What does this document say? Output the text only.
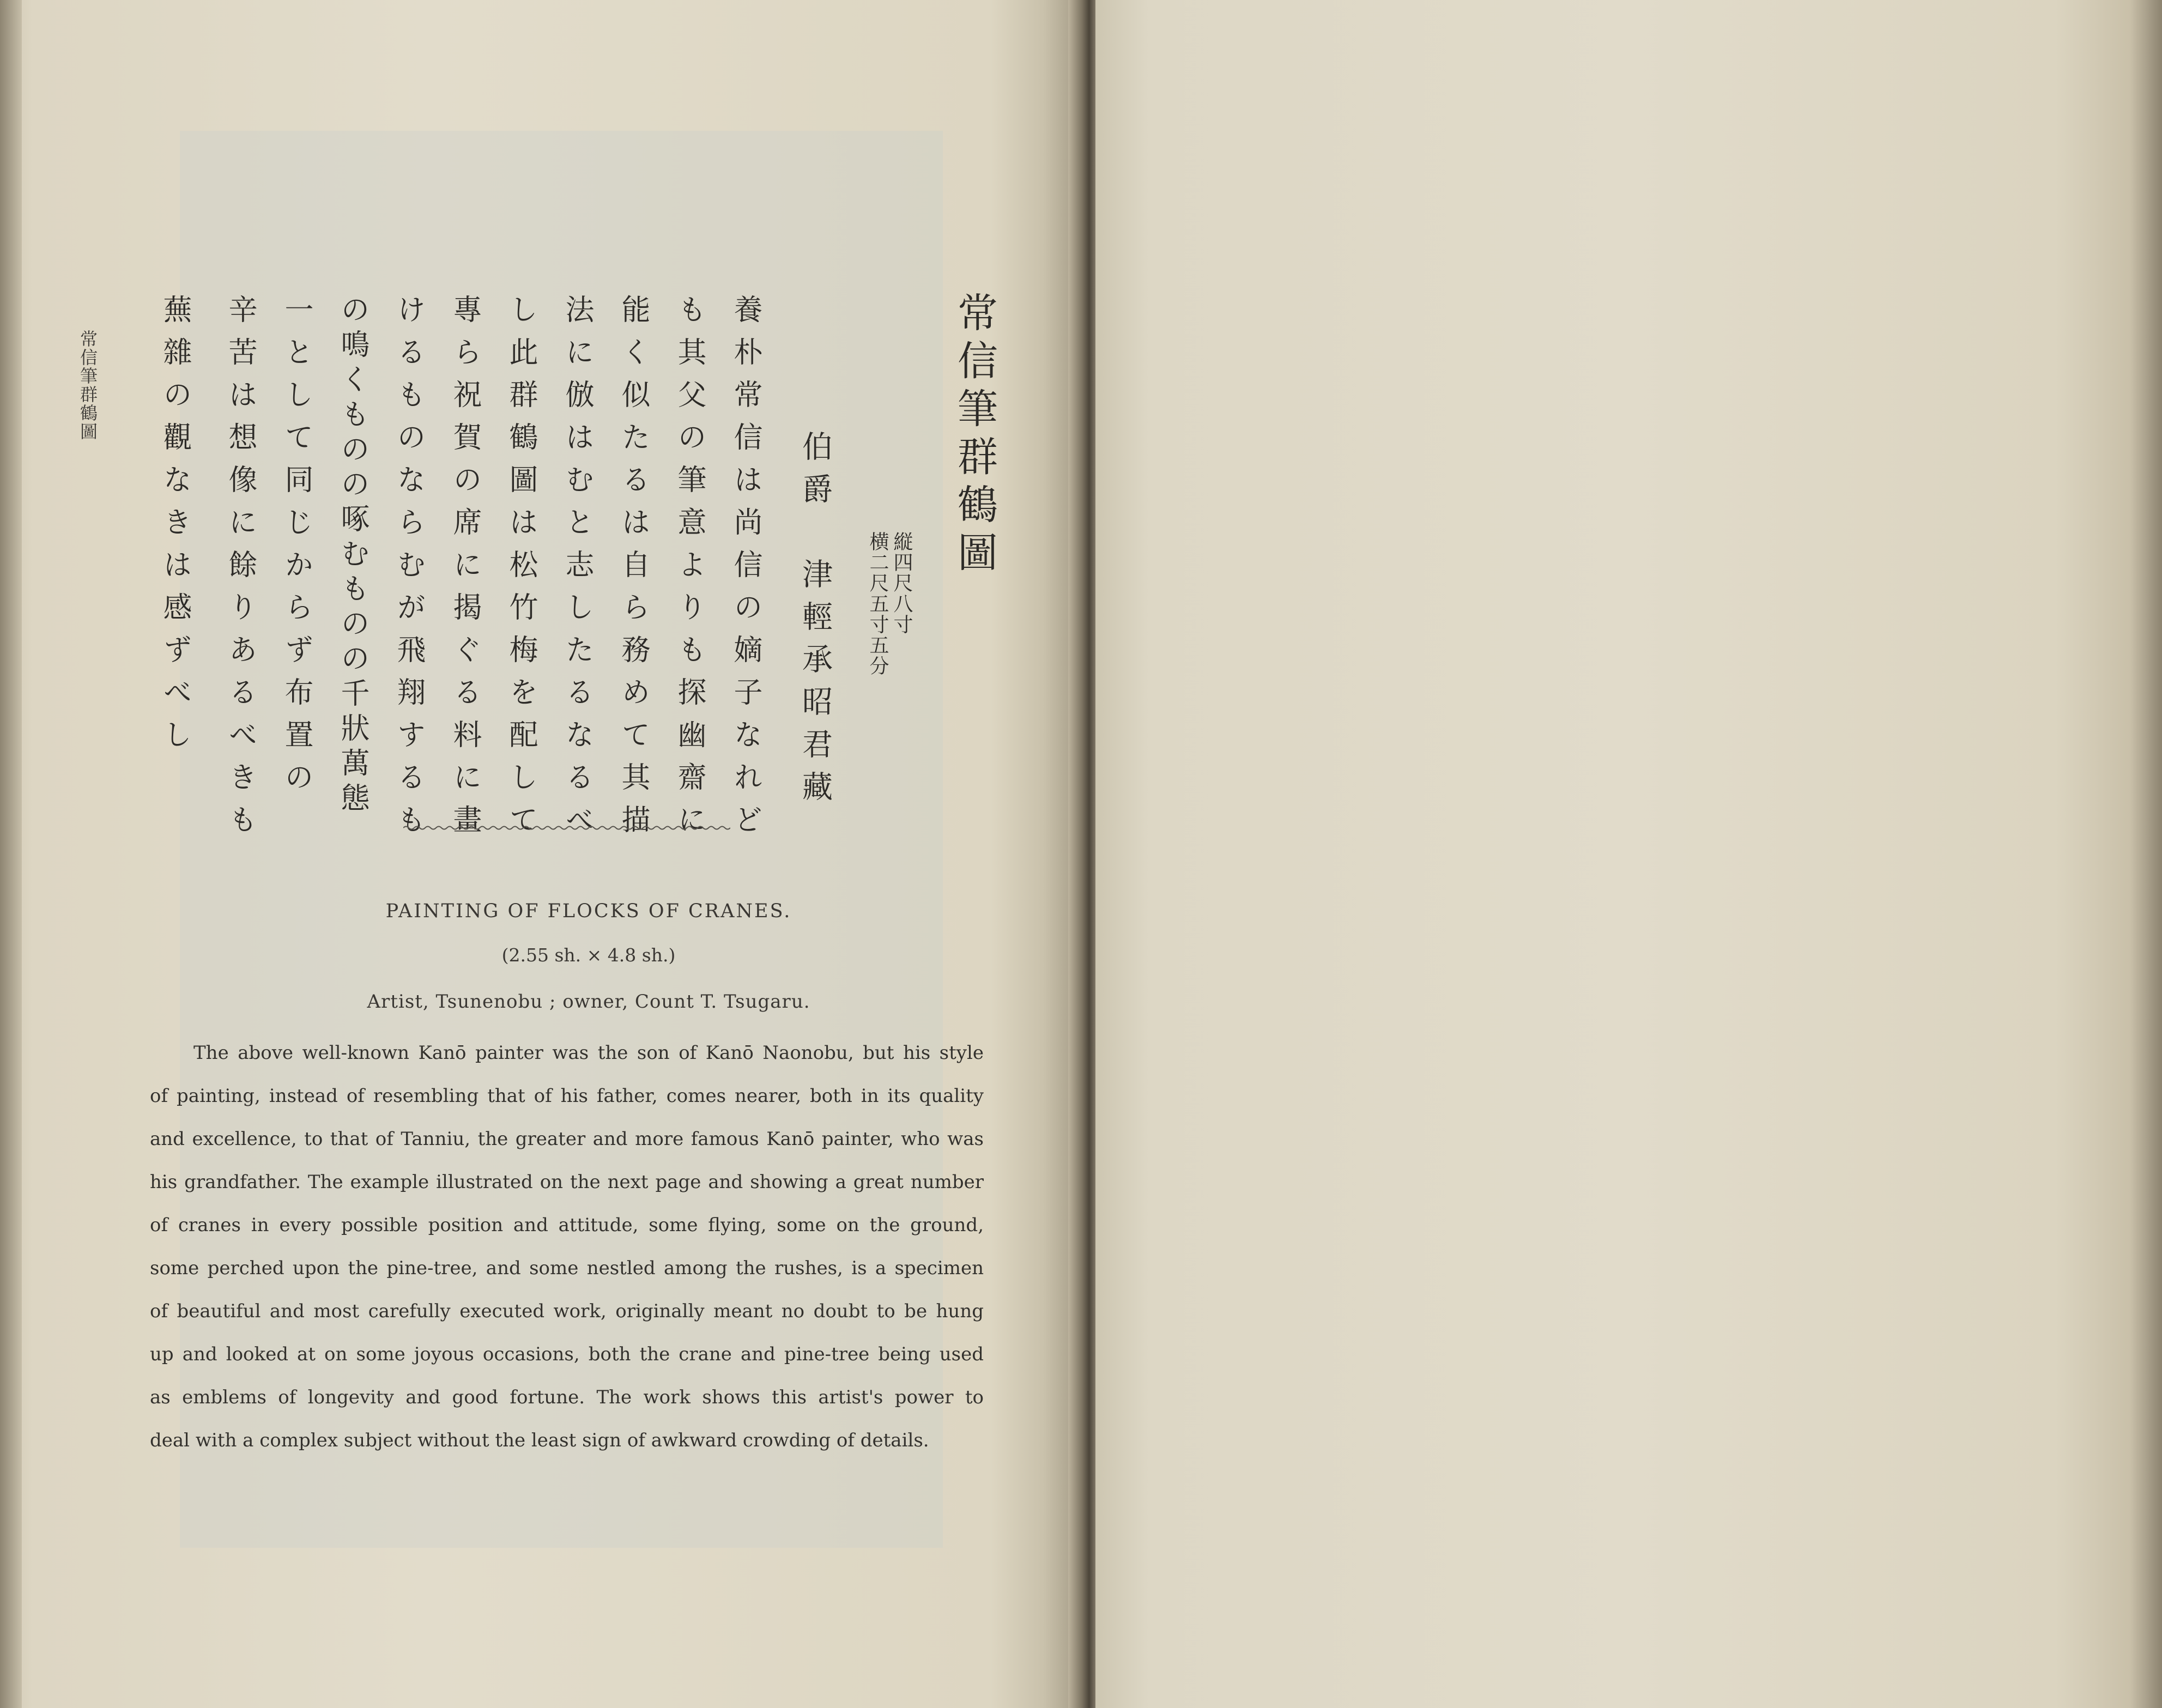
常信筆群鶴圖
縦四尺八寸
横二尺五寸五分
伯爵　津輕承昭君藏
養朴常信は尚信の嫡子なれど
も其父の筆意よりも探幽齋に
能く似たるは自ら務めて其描
法に倣はむと志したるなるべ
し此群鶴圖は松竹梅を配して
專ら祝賀の席に揭ぐる料に畫
けるものならむが飛翔するも
の鳴くものの啄むものの千狀萬態
一として同じからず布置の
辛苦は想像に餘りあるべきも
蕪雜の觀なきは感ずべし
常信筆群鶴圖
PAINTING OF FLOCKS OF CRANES.
(2.55 sh. × 4.8 sh.)
Artist, Tsunenobu ; owner, Count T. Tsugaru.
The above well-known Kanō painter was the son of Kanō Naonobu, but his style
of painting, instead of resembling that of his father, comes nearer, both in its quality
and excellence, to that of Tanniu, the greater and more famous Kanō painter, who was
his grandfather. The example illustrated on the next page and showing a great number
of cranes in every possible position and attitude, some flying, some on the ground,
some perched upon the pine-tree, and some nestled among the rushes, is a specimen
of beautiful and most carefully executed work, originally meant no doubt to be hung
up and looked at on some joyous occasions, both the crane and pine-tree being used
as emblems of longevity and good fortune. The work shows this artist's power to
deal with a complex subject without the least sign of awkward crowding of details.
